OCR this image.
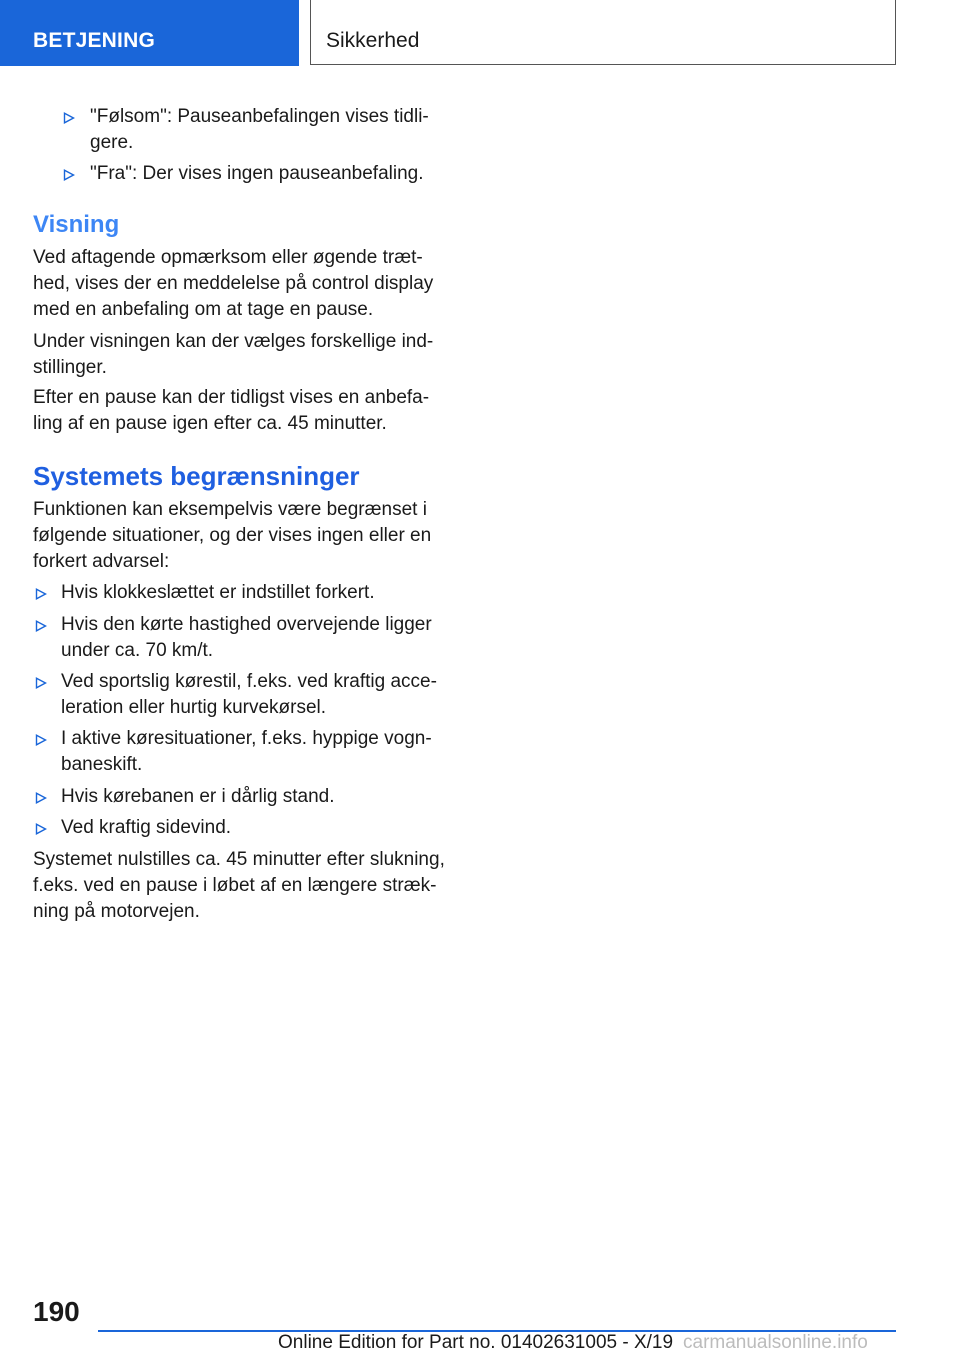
BETJENING	Sikkerhed
"Følsom": Pauseanbefalingen vises tidli-
gere.
"Fra": Der vises ingen pauseanbefaling.
Visning
Ved aftagende opmærksom eller øgende træt-
hed, vises der en meddelelse på control display
med en anbefaling om at tage en pause.
Under visningen kan der vælges forskellige ind-
stillinger.
Efter en pause kan der tidligst vises en anbefa-
ling af en pause igen efter ca. 45 minutter.
Systemets begrænsninger
Funktionen kan eksempelvis være begrænset i
følgende situationer, og der vises ingen eller en
forkert advarsel:
Hvis klokkeslættet er indstillet forkert.
Hvis den kørte hastighed overvejende ligger
under ca. 70 km/t.
Ved sportslig kørestil, f.eks. ved kraftig acce-
leration eller hurtig kurvekørsel.
I aktive køresituationer, f.eks. hyppige vogn-
baneskift.
Hvis kørebanen er i dårlig stand.
Ved kraftig sidevind.
Systemet nulstilles ca. 45 minutter efter slukning,
f.eks. ved en pause i løbet af en længere stræk-
ning på motorvejen.
190
Online Edition for Part no. 01402631005 - X/19 carmanualsonline.info
